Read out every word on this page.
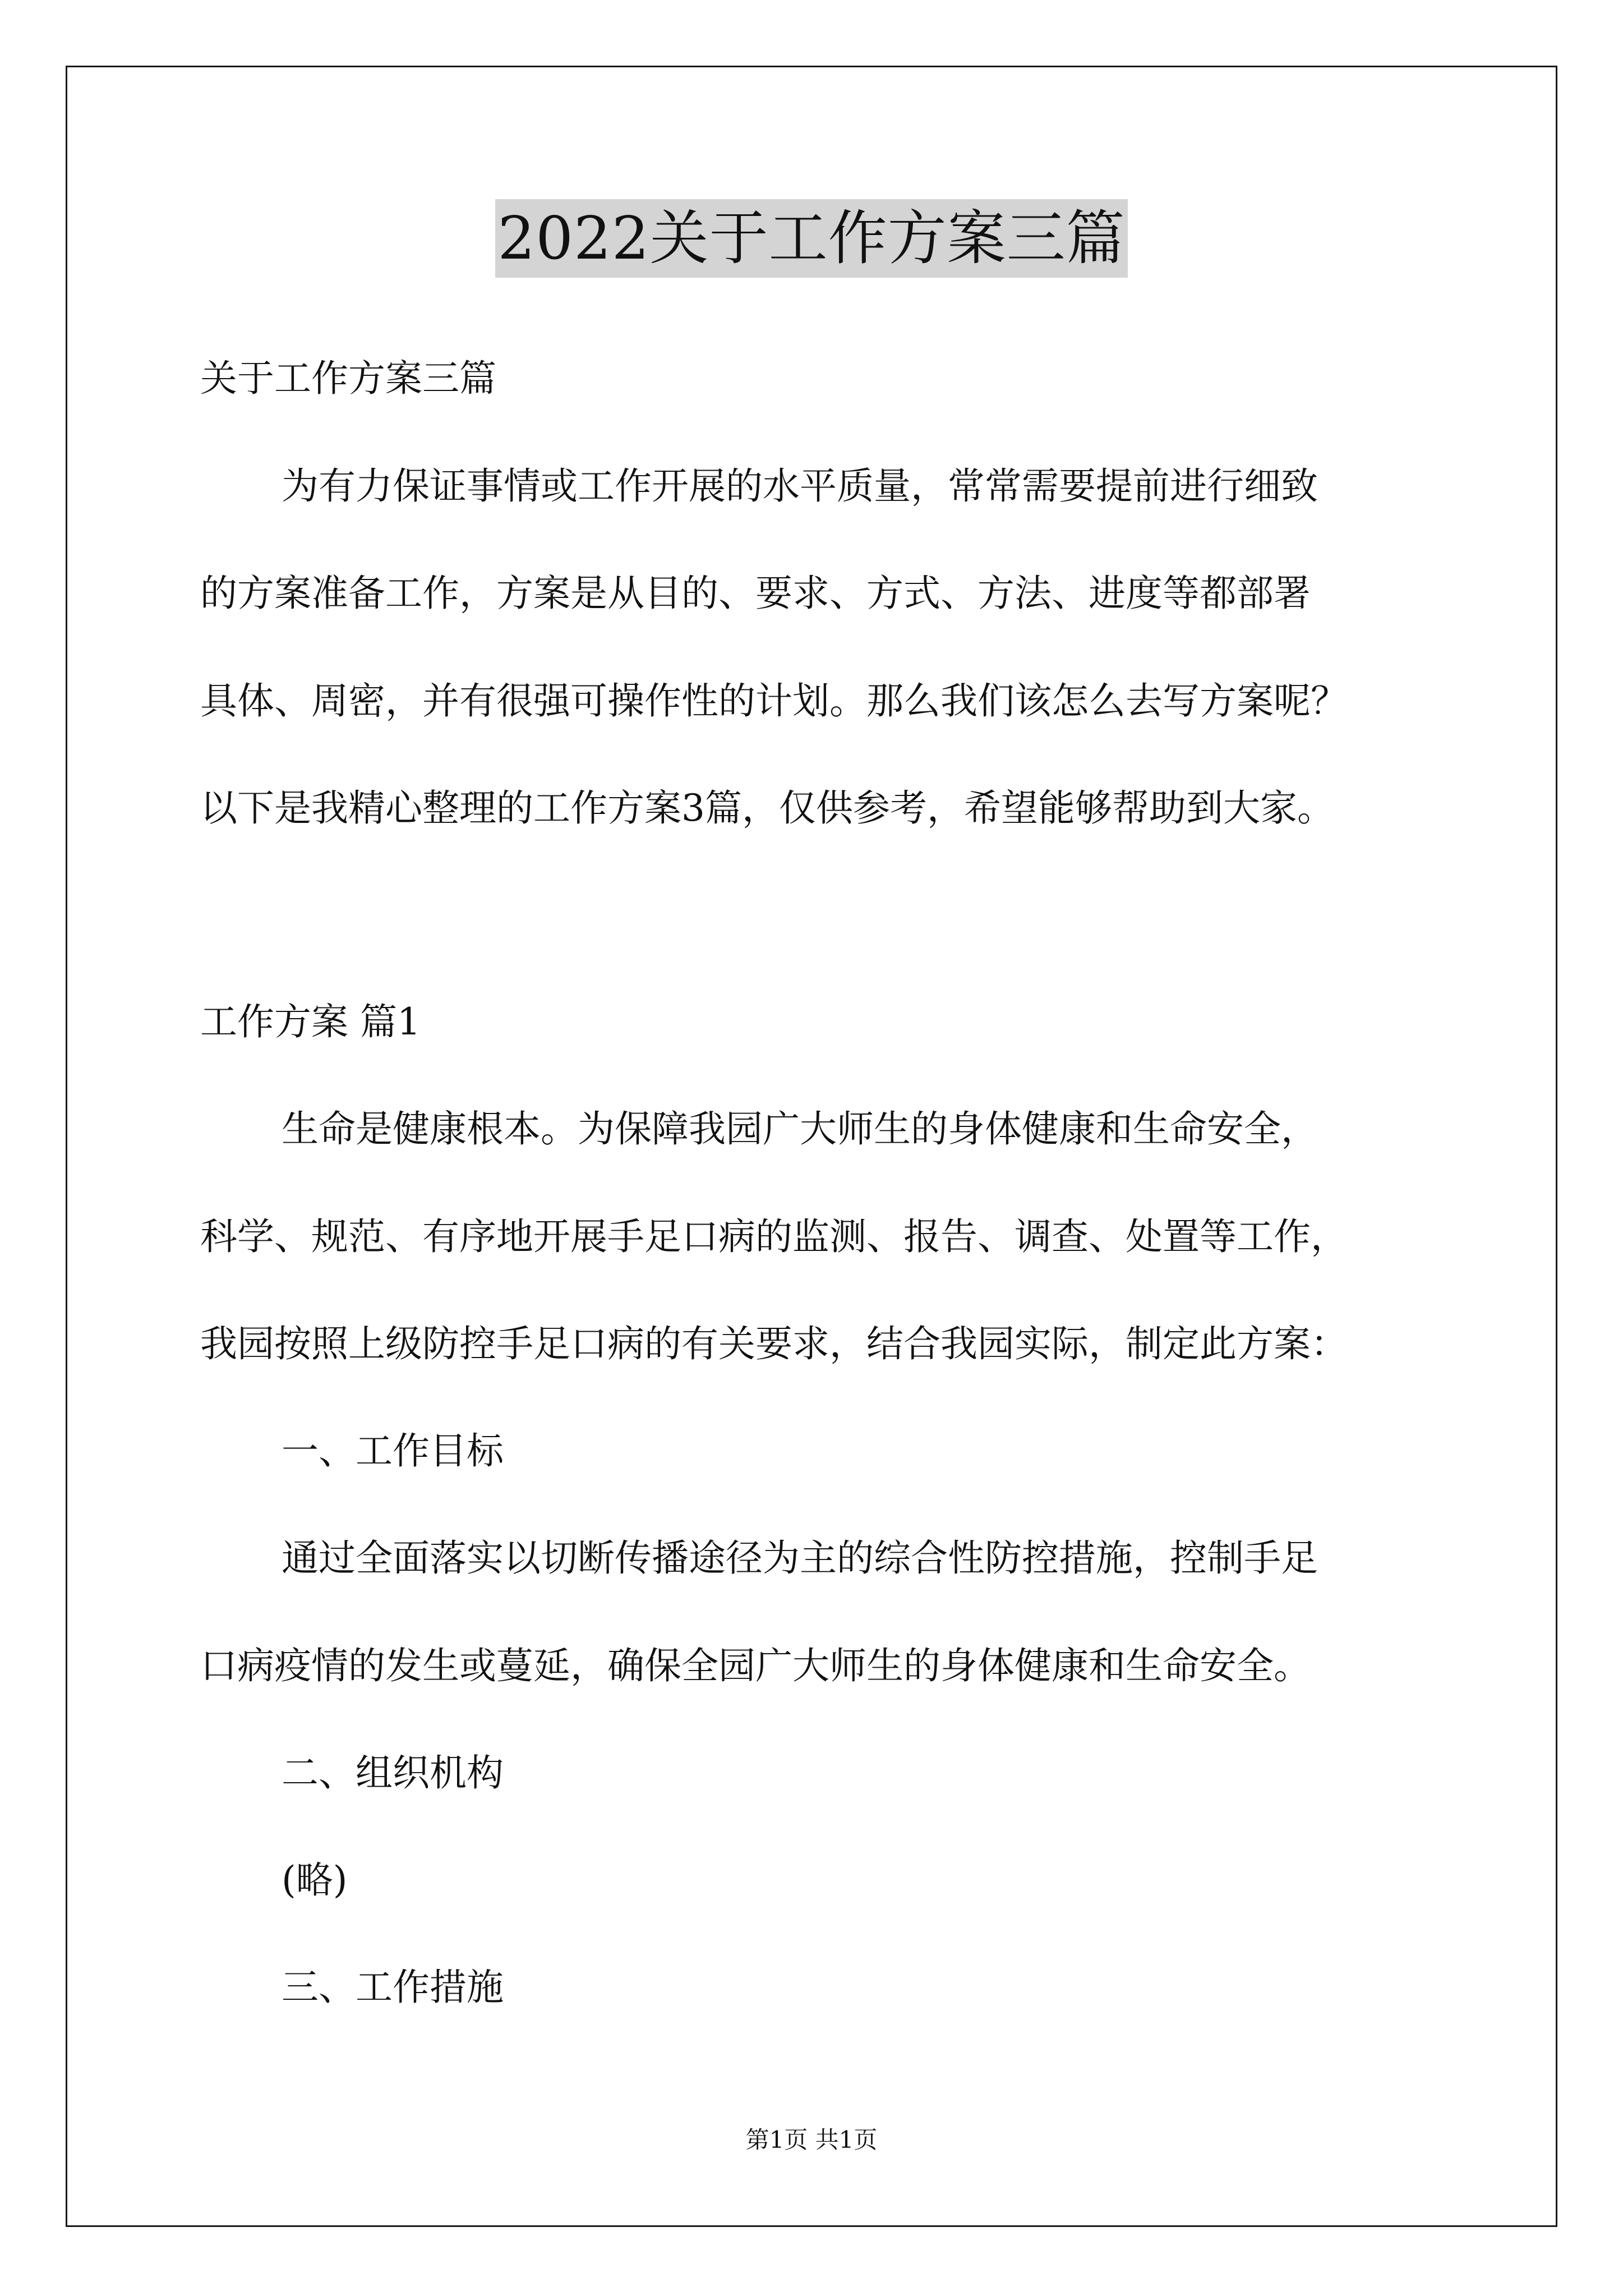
2022关于工作方案三篇
关于工作方案三篇
为有力保证事情或工作开展的水平质量，常常需要提前进行细致
的方案准备工作，方案是从目的、要求、方式、方法、进度等都部署
具体、周密，并有很强可操作性的计划。那么我们该怎么去写方案呢？
以下是我精心整理的工作方案3篇，仅供参考，希望能够帮助到大家。
工作方案 篇1
生命是健康根本。为保障我园广大师生的身体健康和生命安全，
科学、规范、有序地开展手足口病的监测、报告、调查、处置等工作，
我园按照上级防控手足口病的有关要求，结合我园实际，制定此方案：
一、工作目标
通过全面落实以切断传播途径为主的综合性防控措施，控制手足
口病疫情的发生或蔓延，确保全园广大师生的身体健康和生命安全。
二、组织机构
(略)
三、工作措施
第1页 共1页
